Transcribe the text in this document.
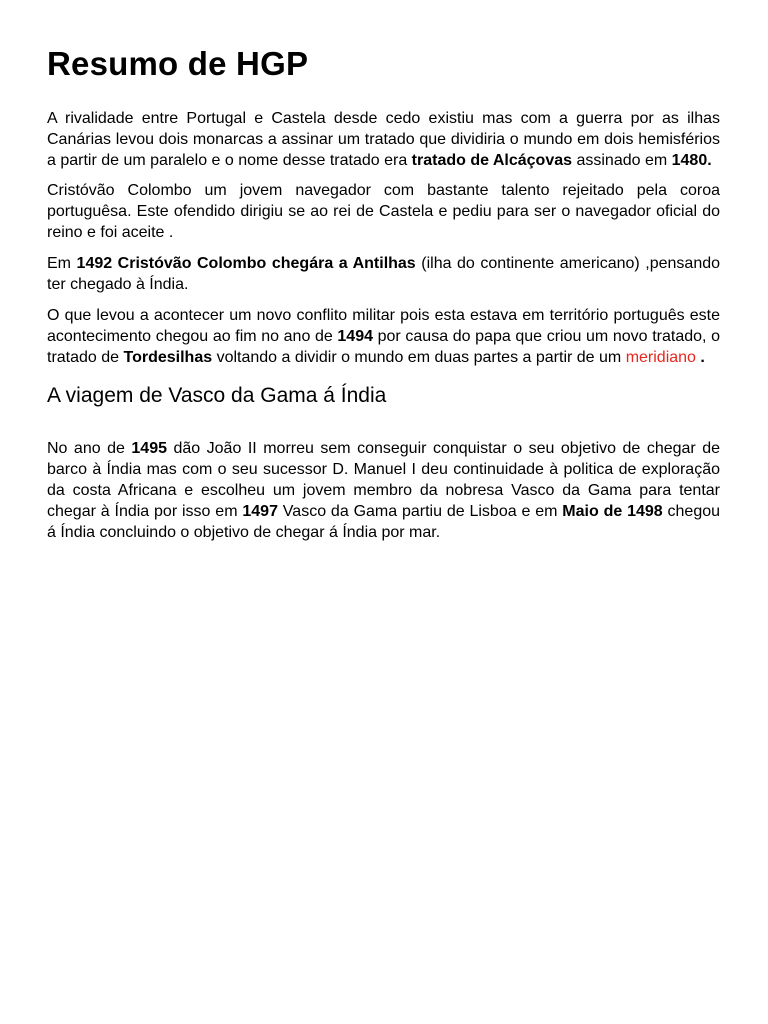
Resumo de HGP

A rivalidade entre Portugal e Castela desde cedo existiu mas com a guerra por as ilhas Canárias levou dois monarcas a assinar um tratado que dividiria o mundo em dois hemisférios a partir de um paralelo e o nome desse tratado era tratado de Alcáçovas assinado em 1480.

Cristóvão Colombo um jovem navegador com bastante talento rejeitado pela coroa portuguêsa. Este ofendido dirigiu se ao rei de Castela e pediu para ser o navegador oficial do reino e foi aceite .

Em 1492 Cristóvão Colombo chegára a Antilhas (ilha do continente americano) ,pensando ter chegado à Índia.

O que levou a acontecer um novo conflito militar pois esta estava em território português este acontecimento chegou ao fim no ano de 1494 por causa do papa que criou um novo tratado, o tratado de Tordesilhas voltando a dividir o mundo em duas partes a partir de um meridiano .

A viagem de Vasco da Gama á Índia

No ano de 1495 dão João II morreu sem conseguir conquistar o seu objetivo de chegar de barco à Índia mas com o seu sucessor D. Manuel I deu continuidade à politica de exploração da costa Africana e escolheu um jovem membro da nobresa Vasco da Gama para tentar chegar à Índia por isso em 1497 Vasco da Gama partiu de Lisboa e em Maio de 1498 chegou á Índia concluindo o objetivo de chegar á Índia por mar.
